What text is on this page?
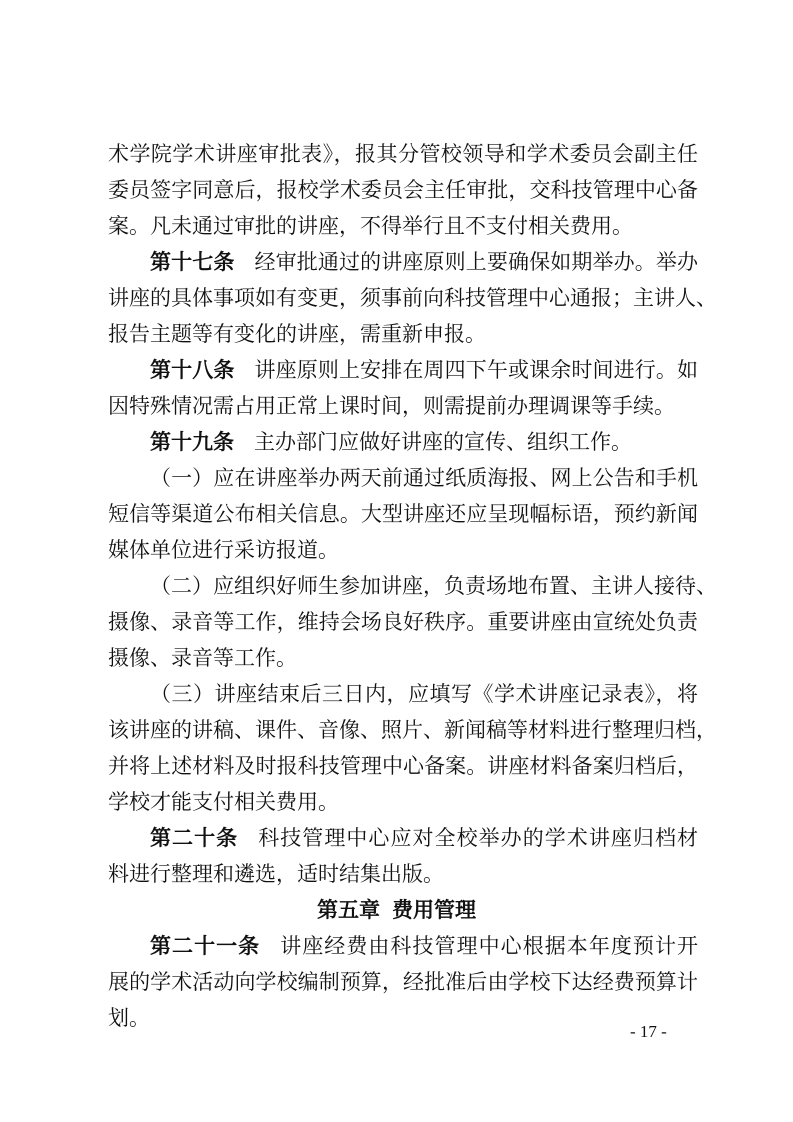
术学院学术讲座审批表》，报其分管校领导和学术委员会副主任
委员签字同意后，报校学术委员会主任审批，交科技管理中心备
案。凡未通过审批的讲座，不得举行且不支付相关费用。
第十七条 经审批通过的讲座原则上要确保如期举办。举办
讲座的具体事项如有变更，须事前向科技管理中心通报；主讲人、
报告主题等有变化的讲座，需重新申报。
第十八条 讲座原则上安排在周四下午或课余时间进行。如
因特殊情况需占用正常上课时间，则需提前办理调课等手续。
第十九条 主办部门应做好讲座的宣传、组织工作。
（一）应在讲座举办两天前通过纸质海报、网上公告和手机
短信等渠道公布相关信息。大型讲座还应呈现幅标语，预约新闻
媒体单位进行采访报道。
（二）应组织好师生参加讲座，负责场地布置、主讲人接待、
摄像、录音等工作，维持会场良好秩序。重要讲座由宣统处负责
摄像、录音等工作。
（三）讲座结束后三日内，应填写《学术讲座记录表》，将
该讲座的讲稿、课件、音像、照片、新闻稿等材料进行整理归档，
并将上述材料及时报科技管理中心备案。讲座材料备案归档后，
学校才能支付相关费用。
第二十条 科技管理中心应对全校举办的学术讲座归档材
料进行整理和遴选，适时结集出版。
第五章 费用管理
第二十一条 讲座经费由科技管理中心根据本年度预计开
展的学术活动向学校编制预算，经批准后由学校下达经费预算计
划。
- 17 -
